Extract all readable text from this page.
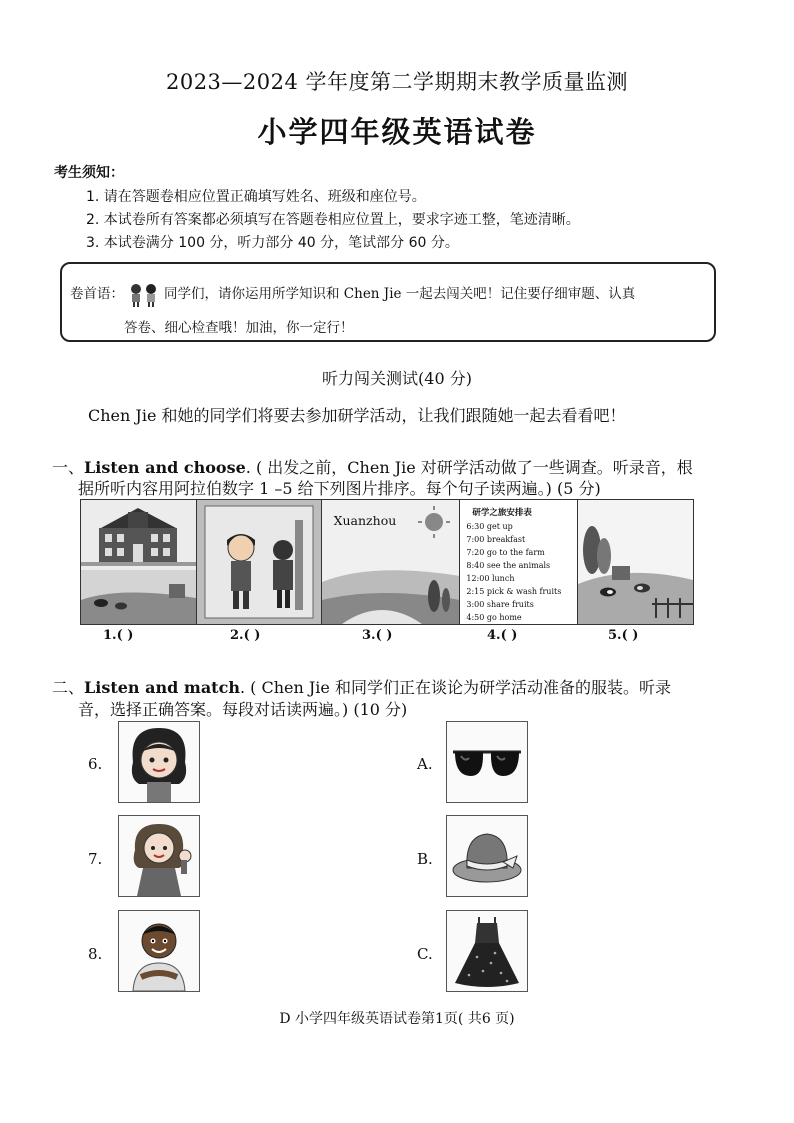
2023—2024 学年度第二学期期末教学质量监测
小学四年级英语试卷
考生须知：
1. 请在答题卷相应位置正确填写姓名、班级和座位号。
2. 本试卷所有答案都必须填写在答题卷相应位置上，要求字迹工整，笔迹清晰。
3. 本试卷满分 100 分，听力部分 40 分，笔试部分 60 分。
卷首语：	同学们，请你运用所学知识和 Chen Jie 一起去闯关吧！记住要仔细审题、认真
答卷、细心检查哦！加油，你一定行！
听力闯关测试(40 分)
Chen Jie 和她的同学们将要去参加研学活动，让我们跟随她一起去看看吧！
一、Listen and choose. ( 出发之前，Chen Jie 对研学活动做了一些调查。听录音，根
据所听内容用阿拉伯数字 1 –5 给下列图片排序。每个句子读两遍。) (5 分)
Xuanzhou	研学之旅安排表
6:30 get up
7:00 breakfast
7:20 go to the farm
8:40 see the animals
12:00 lunch
2:15 pick & wash fruits
3:00 share fruits
4:50 go home
1.( )	2.( )	3.( )	4.( )	5.( )
二、Listen and match. ( Chen Jie 和同学们正在谈论为研学活动准备的服装。听录
音，选择正确答案。每段对话读两遍。) (10 分)
6.
7.
8.
A.
B.
C.
D 小学四年级英语试卷第1页( 共6 页)
